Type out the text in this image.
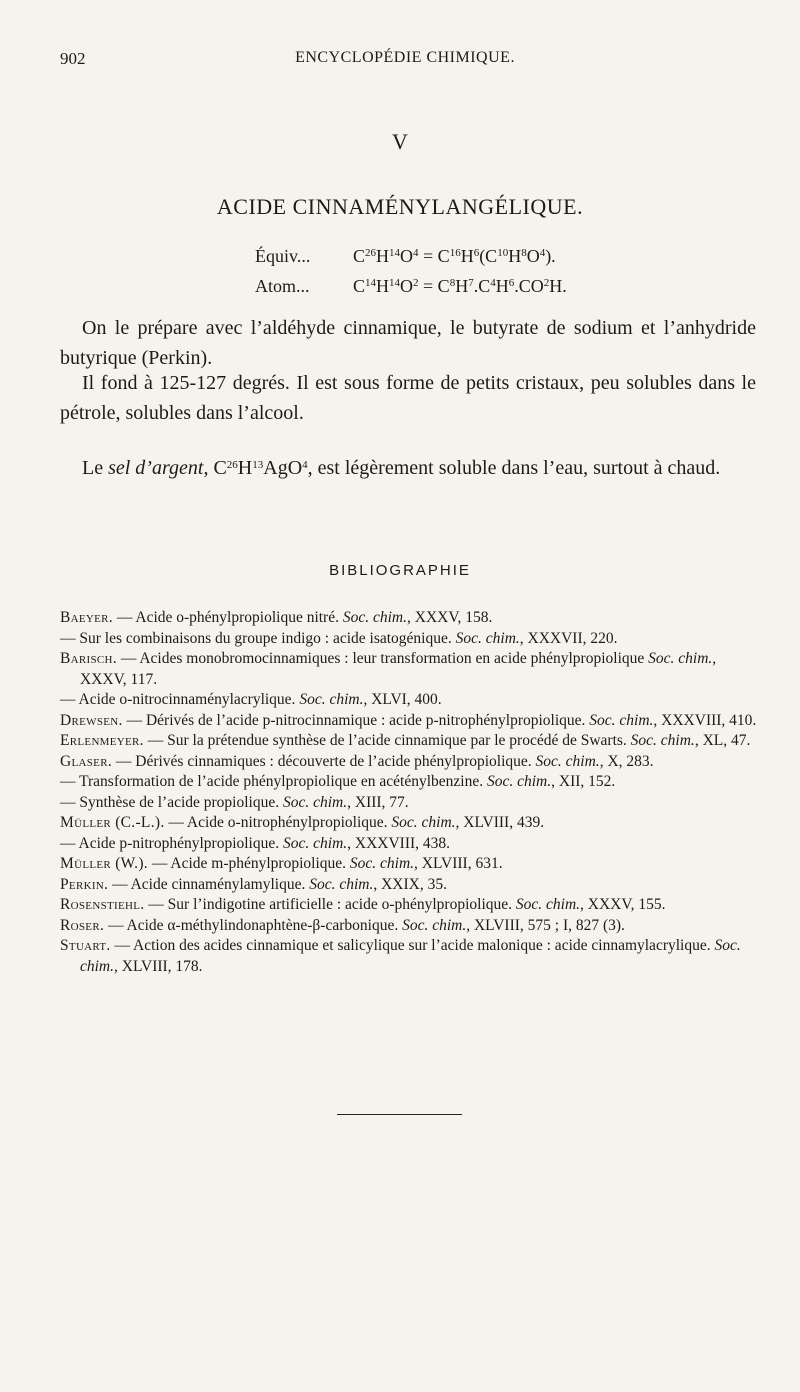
902	ENCYCLOPÉDIE CHIMIQUE.
V
ACIDE CINNAMÉNYLANGÉLIQUE.
Équiv... $C^{26}H^{14}O^4 = C^{16}H^6(C^{10}H^8O^4)$.
Atom... $C^{14}H^{14}O^2 = C^8H^7.C^4H^6.CO^2H$.

On le prépare avec l’aldéhyde cinnamique, le butyrate de sodium et l’anhydride butyrique (Perkin).

Il fond à 125-127 degrés. Il est sous forme de petits cristaux, peu solubles dans le pétrole, solubles dans l’alcool.

Le sel d’argent, $C^{26}H^{13}AgO^4$, est légèrement soluble dans l’eau, surtout à chaud.

BIBLIOGRAPHIE
Baeyer. — Acide o-phénylpropiolique nitré. Soc. chim., XXXV, 158.
— Sur les combinaisons du groupe indigo : acide isatogénique. Soc. chim., XXXVII, 220.
Barisch. — Acides monobromocinnamiques : leur transformation en acide phénylpropiolique Soc. chim., XXXV, 117.
— Acide o-nitrocinnaménylacrylique. Soc. chim., XLVI, 400.
Drewsen. — Dérivés de l’acide p-nitrocinnamique : acide p-nitrophénylpropiolique. Soc. chim., XXXVIII, 410.
Erlenmeyer. — Sur la prétendue synthèse de l’acide cinnamique par le procédé de Swarts. Soc. chim., XL, 47.
Glaser. — Dérivés cinnamiques : découverte de l’acide phénylpropiolique. Soc. chim., X, 283.
— Transformation de l’acide phénylpropiolique en acéténylbenzine. Soc. chim., XII, 152.
— Synthèse de l’acide propiolique. Soc. chim., XIII, 77.
Müller (C.-L.). — Acide o-nitrophénylpropiolique. Soc. chim., XLVIII, 439.
— Acide p-nitrophénylpropiolique. Soc. chim., XXXVIII, 438.
Müller (W.). — Acide m-phénylpropiolique. Soc. chim., XLVIII, 631.
Perkin. — Acide cinnaménylamylique. Soc. chim., XXIX, 35.
Rosenstiehl. — Sur l’indigotine artificielle : acide o-phénylpropiolique. Soc. chim., XXXV, 155.
Roser. — Acide α-méthylindonaphtène-β-carbonique. Soc. chim., XLVIII, 575 ; I, 827 (3).
Stuart. — Action des acides cinnamique et salicylique sur l’acide malonique : acide cinnamylacrylique. Soc. chim., XLVIII, 178.
